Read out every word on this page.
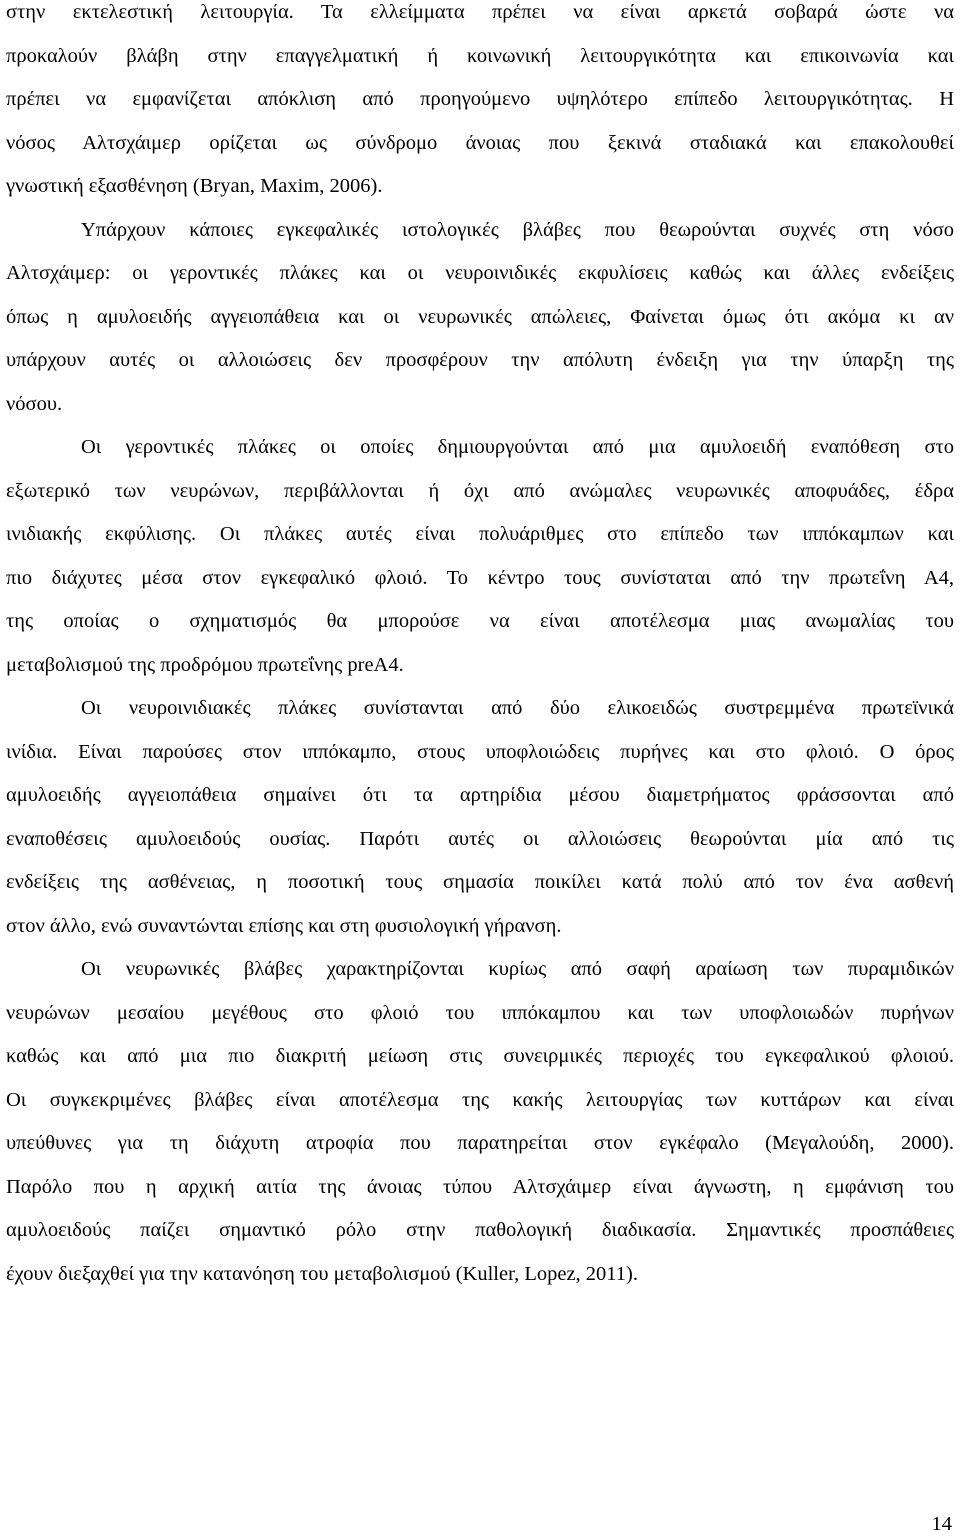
στην εκτελεστική λειτουργία. Τα ελλείμματα πρέπει να είναι αρκετά σοβαρά ώστε να
προκαλούν βλάβη στην επαγγελματική ή κοινωνική λειτουργικότητα και επικοινωνία και
πρέπει να εμφανίζεται απόκλιση από προηγούμενο υψηλότερο επίπεδο λειτουργικότητας. Η
νόσος Αλτσχάιμερ ορίζεται ως σύνδρομο άνοιας που ξεκινά σταδιακά και επακολουθεί
γνωστική εξασθένηση (Bryan, Maxim, 2006).
Υπάρχουν κάποιες εγκεφαλικές ιστολογικές βλάβες που θεωρούνται συχνές στη νόσο
Αλτσχάιμερ: οι γεροντικές πλάκες και οι νευροινιδικές εκφυλίσεις καθώς και άλλες ενδείξεις
όπως η αμυλοειδής αγγειοπάθεια και οι νευρωνικές απώλειες, Φαίνεται όμως ότι ακόμα κι αν
υπάρχουν αυτές οι αλλοιώσεις δεν προσφέρουν την απόλυτη ένδειξη για την ύπαρξη της
νόσου.
Οι γεροντικές πλάκες οι οποίες δημιουργούνται από μια αμυλοειδή εναπόθεση στο
εξωτερικό των νευρώνων, περιβάλλονται ή όχι από ανώμαλες νευρωνικές αποφυάδες, έδρα
ινιδιακής εκφύλισης. Οι πλάκες αυτές είναι πολυάριθμες στο επίπεδο των ιππόκαμπων και
πιο διάχυτες μέσα στον εγκεφαλικό φλοιό. Το κέντρο τους συνίσταται από την πρωτεΐνη Α4,
της οποίας ο σχηματισμός θα μπορούσε να είναι αποτέλεσμα μιας ανωμαλίας του
μεταβολισμού της προδρόμου πρωτεΐνης preA4.
Οι νευροινιδιακές πλάκες συνίστανται από δύο ελικοειδώς συστρεμμένα πρωτεϊνικά
ινίδια. Είναι παρούσες στον ιππόκαμπο, στους υποφλοιώδεις πυρήνες και στο φλοιό. Ο όρος
αμυλοειδής αγγειοπάθεια σημαίνει ότι τα αρτηρίδια μέσου διαμετρήματος φράσσονται από
εναποθέσεις αμυλοειδούς ουσίας. Παρότι αυτές οι αλλοιώσεις θεωρούνται μία από τις
ενδείξεις της ασθένειας, η ποσοτική τους σημασία ποικίλει κατά πολύ από τον ένα ασθενή
στον άλλο, ενώ συναντώνται επίσης και στη φυσιολογική γήρανση.
Οι νευρωνικές βλάβες χαρακτηρίζονται κυρίως από σαφή αραίωση των πυραμιδικών
νευρώνων μεσαίου μεγέθους στο φλοιό του ιππόκαμπου και των υποφλοιωδών πυρήνων
καθώς και από μια πιο διακριτή μείωση στις συνειρμικές περιοχές του εγκεφαλικού φλοιού.
Οι συγκεκριμένες βλάβες είναι αποτέλεσμα της κακής λειτουργίας των κυττάρων και είναι
υπεύθυνες για τη διάχυτη ατροφία που παρατηρείται στον εγκέφαλο (Μεγαλούδη, 2000).
Παρόλο που η αρχική αιτία της άνοιας τύπου Αλτσχάιμερ είναι άγνωστη, η εμφάνιση του
αμυλοειδούς παίζει σημαντικό ρόλο στην παθολογική διαδικασία. Σημαντικές προσπάθειες
έχουν διεξαχθεί για την κατανόηση του μεταβολισμού (Kuller, Lopez, 2011).
14
